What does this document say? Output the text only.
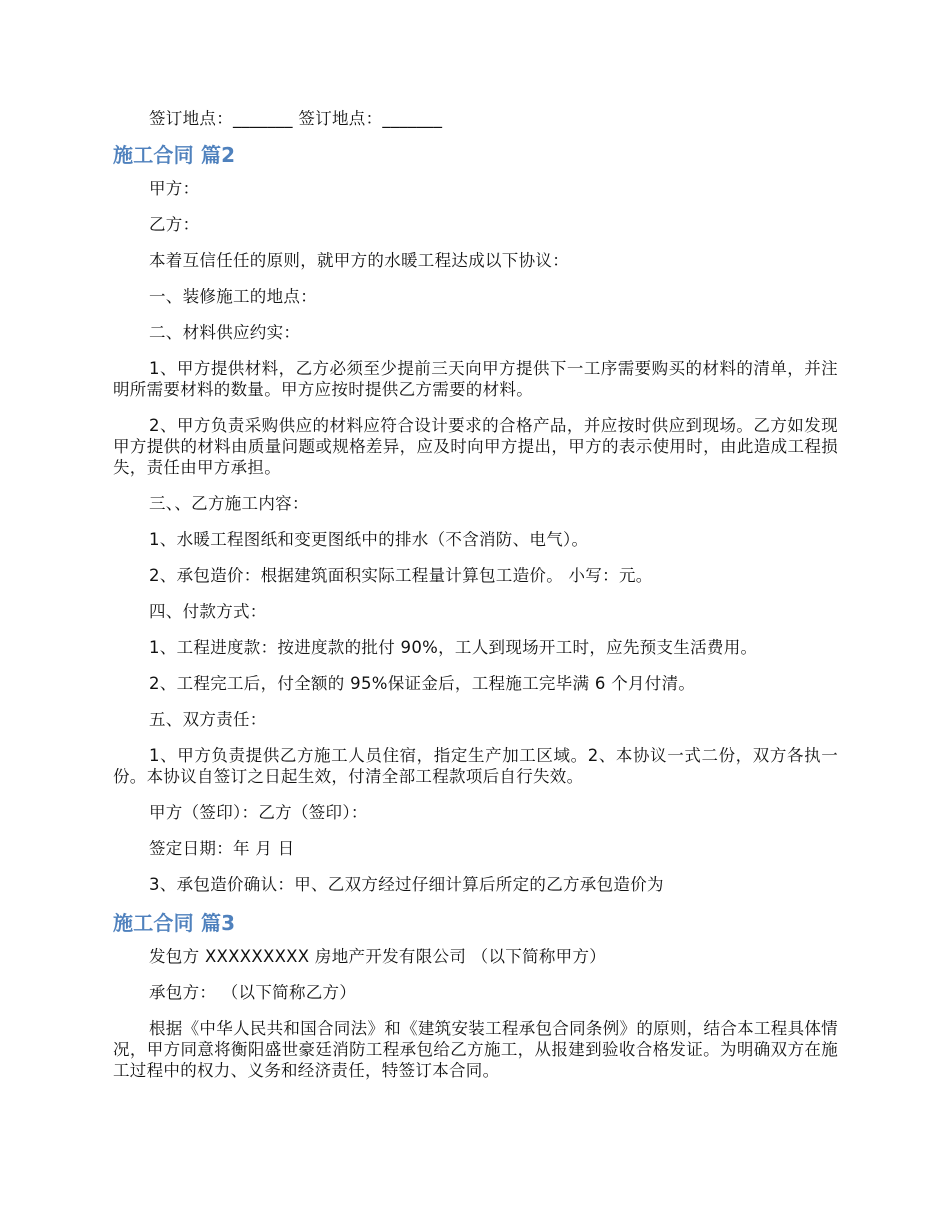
签订地点：_______ 签订地点：_______

施工合同 篇2

甲方：

乙方：

本着互信任任的原则，就甲方的水暖工程达成以下协议：

一、装修施工的地点：

二、材料供应约实：

1、甲方提供材料，乙方必须至少提前三天向甲方提供下一工序需要购买的材料的清单，并注明所需要材料的数量。甲方应按时提供乙方需要的材料。

2、甲方负责采购供应的材料应符合设计要求的合格产品，并应按时供应到现场。乙方如发现甲方提供的材料由质量问题或规格差异，应及时向甲方提出，甲方的表示使用时，由此造成工程损失，责任由甲方承担。

三、、乙方施工内容：

1、水暖工程图纸和变更图纸中的排水（不含消防、电气）。

2、承包造价：根据建筑面积实际工程量计算包工造价。 小写：元。

四、付款方式：

1、工程进度款：按进度款的批付 90%，工人到现场开工时，应先预支生活费用。

2、工程完工后，付全额的 95%保证金后，工程施工完毕满 6 个月付清。

五、双方责任：

1、甲方负责提供乙方施工人员住宿，指定生产加工区域。2、本协议一式二份，双方各执一份。本协议自签订之日起生效，付清全部工程款项后自行失效。

甲方（签印）：乙方（签印）：

签定日期：年 月 日

3、承包造价确认：甲、乙双方经过仔细计算后所定的乙方承包造价为

施工合同 篇3

发包方 XXXXXXXXX 房地产开发有限公司 （以下简称甲方）

承包方： （以下简称乙方）

根据《中华人民共和国合同法》和《建筑安装工程承包合同条例》的原则，结合本工程具体情况，甲方同意将衡阳盛世豪廷消防工程承包给乙方施工，从报建到验收合格发证。为明确双方在施工过程中的权力、义务和经济责任，特签订本合同。
